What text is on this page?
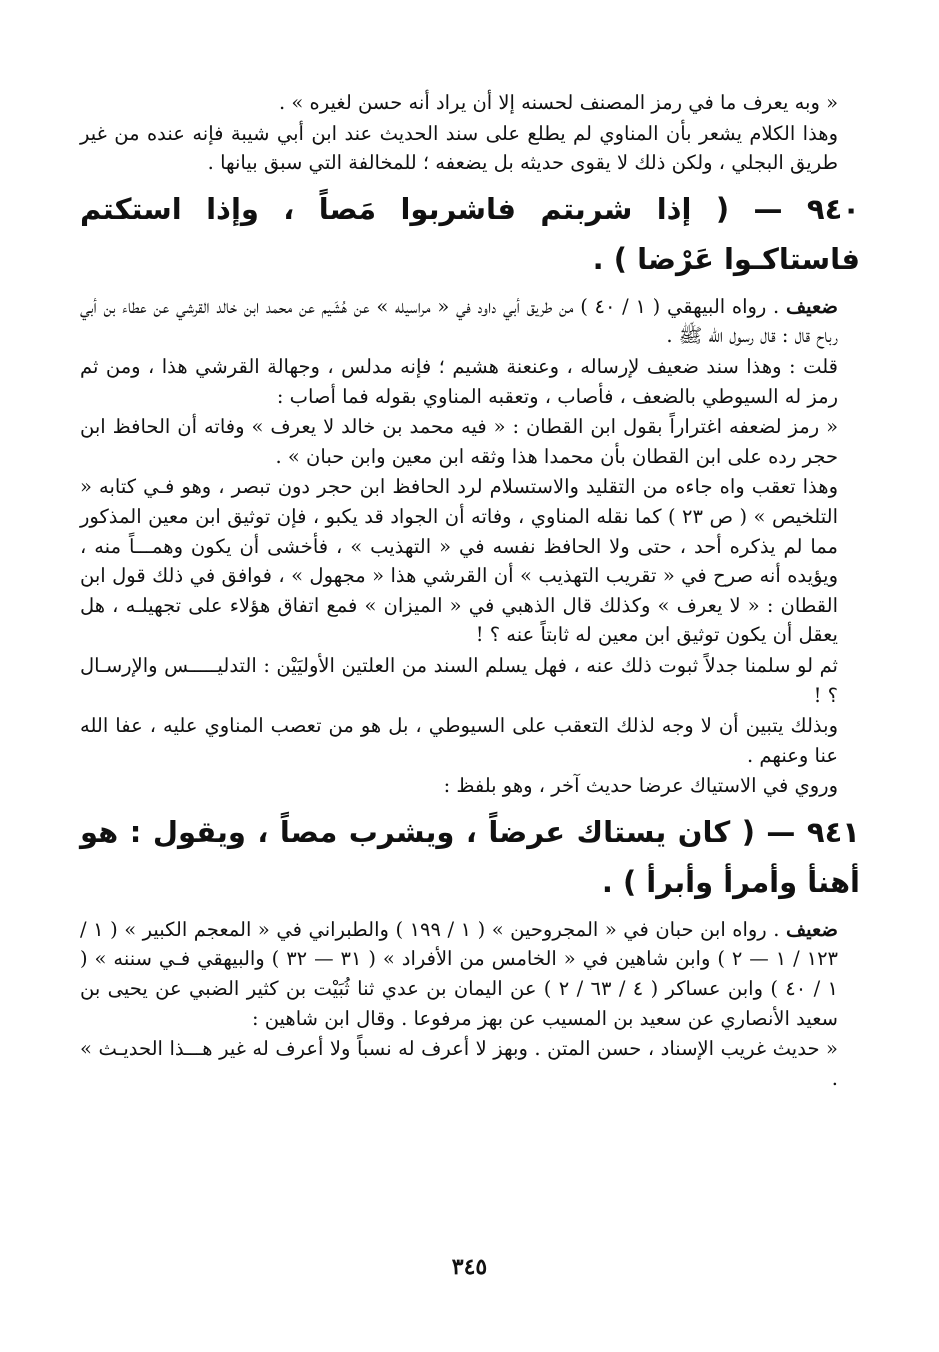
« وبه يعرف ما في رمز المصنف لحسنه إلا أن يراد أنه حسن لغيره » .

وهذا الكلام يشعر بأن المناوي لم يطلع على سند الحديث عند ابن أبي شيبة فإنه عنده من غير طريق البجلي ، ولكن ذلك لا يقوى حديثه بل يضعفه ؛ للمخالفة التي سبق بيانها .

٩٤٠ — ( إذا شربتم فاشربوا مَصاً ، وإذا استكتم فاستاكـوا عَرْضا ) .

ضعيف . رواه البيهقي ( ١ / ٤٠ ) من طريق أبي داود في « مراسيله » عن هُشَيم عن محمد ابن خالد القرشي عن عطاء بن أبي رباح قال : قال رسول الله ﷺ .

قلت : وهذا سند ضعيف لإرساله ، وعنعنة هشيم ؛ فإنه مدلس ، وجهالة القرشي هذا ، ومن ثم رمز له السيوطي بالضعف ، فأصاب ، وتعقبه المناوي بقوله فما أصاب :

« رمز لضعفه اغتراراً بقول ابن القطان : « فيه محمد بن خالد لا يعرف » وفاته أن الحافظ ابن حجر رده على ابن القطان بأن محمدا هذا وثقه ابن معين وابن حبان » .

وهذا تعقب واه جاءه من التقليد والاستسلام لرد الحافظ ابن حجر دون تبصر ، وهو فـي كتابه « التلخيص » ( ص ٢٣ ) كما نقله المناوي ، وفاته أن الجواد قد يكبو ، فإن توثيق ابن معين المذكور مما لم يذكره أحد ، حتى ولا الحافظ نفسه في « التهذيب » ، فأخشى أن يكون وهمـــاً منه ، ويؤيده أنه صرح في « تقريب التهذيب » أن القرشي هذا « مجهول » ، فوافق في ذلك قول ابن القطان : « لا يعرف » وكذلك قال الذهبي في « الميزان » فمع اتفاق هؤلاء على تجهيلـه ، هل يعقل أن يكون توثيق ابن معين له ثابتاً عنه ؟ !

ثم لو سلمنا جدلاً ثبوت ذلك عنه ، فهل يسلم السند من العلتين الأوليَيْن : التدليـــــس والإرسـال ؟ !

وبذلك يتبين أن لا وجه لذلك التعقب على السيوطي ، بل هو من تعصب المناوي عليه ، عفا الله عنا وعنهم .

وروي في الاستياك عرضا حديث آخر ، وهو بلفظ :

٩٤١ — ( كان يستاك عرضاً ، ويشرب مصاً ، ويقول : هو أهنأ وأمرأ وأبرأ ) .

ضعيف . رواه ابن حبان في « المجروحين » ( ١ / ١٩٩ ) والطبراني في « المعجم الكبير » ( ١ / ١٢٣ / ١ — ٢ ) وابن شاهين في « الخامس من الأفراد » ( ٣١ — ٣٢ ) والبيهقي فـي سننه » ( ١ / ٤٠ ) وابن عساكر ( ٤ / ٦٣ / ٢ ) عن اليمان بن عدي ثنا ثُبَيْت بن كثير الضبي عن يحيى بن سعيد الأنصاري عن سعيد بن المسيب عن بهز مرفوعا . وقال ابن شاهين :

« حديث غريب الإسناد ، حسن المتن . وبهز لا أعرف له نسباً ولا أعرف له غير هـــذا الحديـث » .

٣٤٥
